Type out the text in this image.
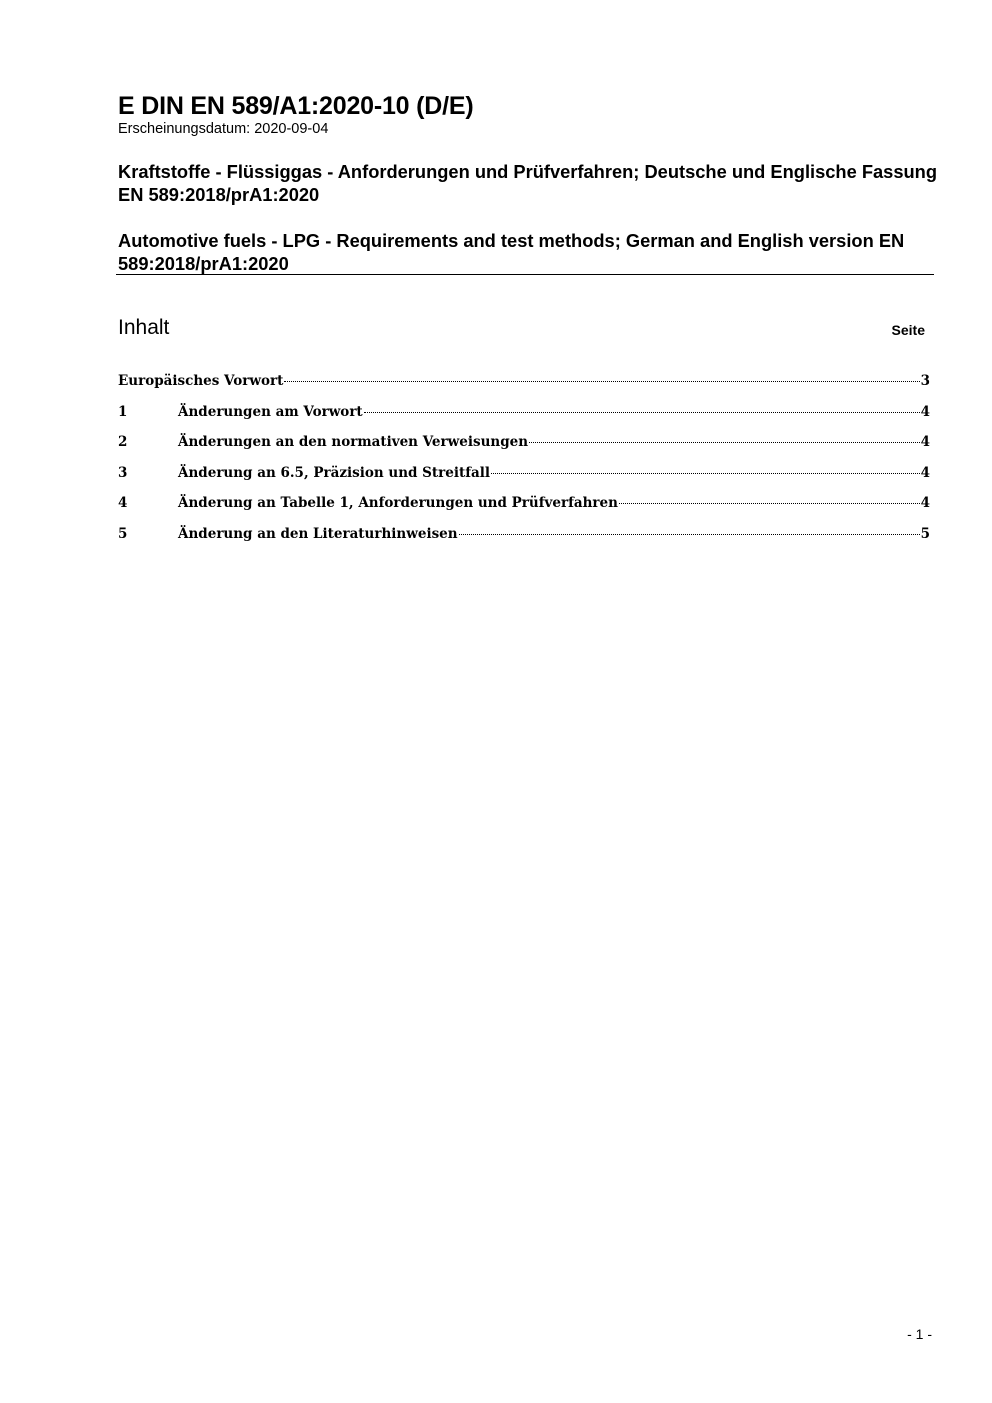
E DIN EN 589/A1:2020-10 (D/E)
Erscheinungsdatum: 2020-09-04
Kraftstoffe - Flüssiggas - Anforderungen und Prüfverfahren; Deutsche und Englische Fassung EN 589:2018/prA1:2020
Automotive fuels - LPG - Requirements and test methods; German and English version EN 589:2018/prA1:2020
Inhalt	Seite
Europäisches Vorwort	3
1	Änderungen am Vorwort	4
2	Änderungen an den normativen Verweisungen	4
3	Änderung an 6.5, Präzision und Streitfall	4
4	Änderung an Tabelle 1, Anforderungen und Prüfverfahren	4
5	Änderung an den Literaturhinweisen	5
- 1 -
